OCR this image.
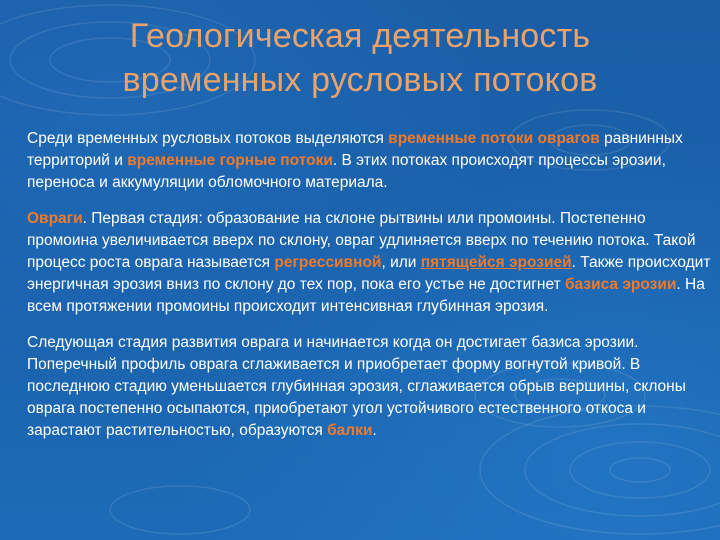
Геологическая деятельность
временных русловых потоков

Среди временных русловых потоков выделяются временные потоки оврагов равнинных территорий и временные горные потоки. В этих потоках происходят процессы эрозии, переноса и аккумуляции обломочного материала.

Овраги. Первая стадия: образование на склоне рытвины или промоины. Постепенно промоина увеличивается вверх по склону, овраг удлиняется вверх по течению потока. Такой процесс роста оврага называется регрессивной, или пятящейся эрозией. Также происходит энергичная эрозия вниз по склону до тех пор, пока его устье не достигнет базиса эрозии. На всем протяжении промоины происходит интенсивная глубинная эрозия.

Следующая стадия развития оврага и начинается когда он достигает базиса эрозии. Поперечный профиль оврага сглаживается и приобретает форму вогнутой кривой. В последнюю стадию уменьшается глубинная эрозия, сглаживается обрыв вершины, склоны оврага постепенно осыпаются, приобретают угол устойчивого естественного откоса и зарастают растительностью, образуются балки.
